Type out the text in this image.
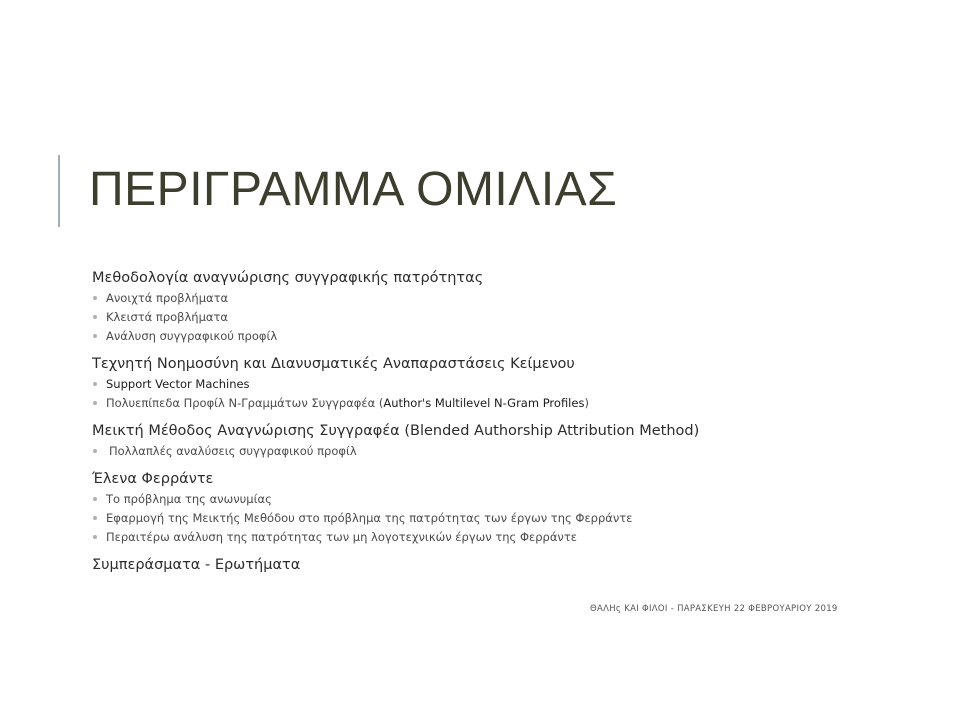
ΠΕΡΙΓΡΑΜΜΑ ΟΜΙΛΙΑΣ
Μεθοδολογία αναγνώρισης συγγραφικής πατρότητας
Ανοιχτά προβλήματα
Κλειστά προβλήματα
Ανάλυση συγγραφικού προφίλ
Τεχνητή Νοημοσύνη και Διανυσματικές Αναπαραστάσεις Κείμενου
Support Vector Machines
Πολυεπίπεδα Προφίλ Ν-Γραμμάτων Συγγραφέα (Author's Multilevel N-Gram Profiles)
Μεικτή Μέθοδος Αναγνώρισης Συγγραφέα (Blended Authorship Attribution Method)
Πολλαπλές αναλύσεις συγγραφικού προφίλ
Έλενα Φερράντε
Το πρόβλημα της ανωνυμίας
Εφαρμογή της Μεικτής Μεθόδου στο πρόβλημα της πατρότητας των έργων της Φερράντε
Περαιτέρω ανάλυση της πατρότητας των μη λογοτεχνικών έργων της Φερράντε
Συμπεράσματα - Ερωτήματα
ΘΑΛΗς ΚΑΙ ΦΙΛΟΙ - ΠΑΡΑΣΚΕΥΗ 22 ΦΕΒΡΟΥΑΡΙΟΥ 2019
